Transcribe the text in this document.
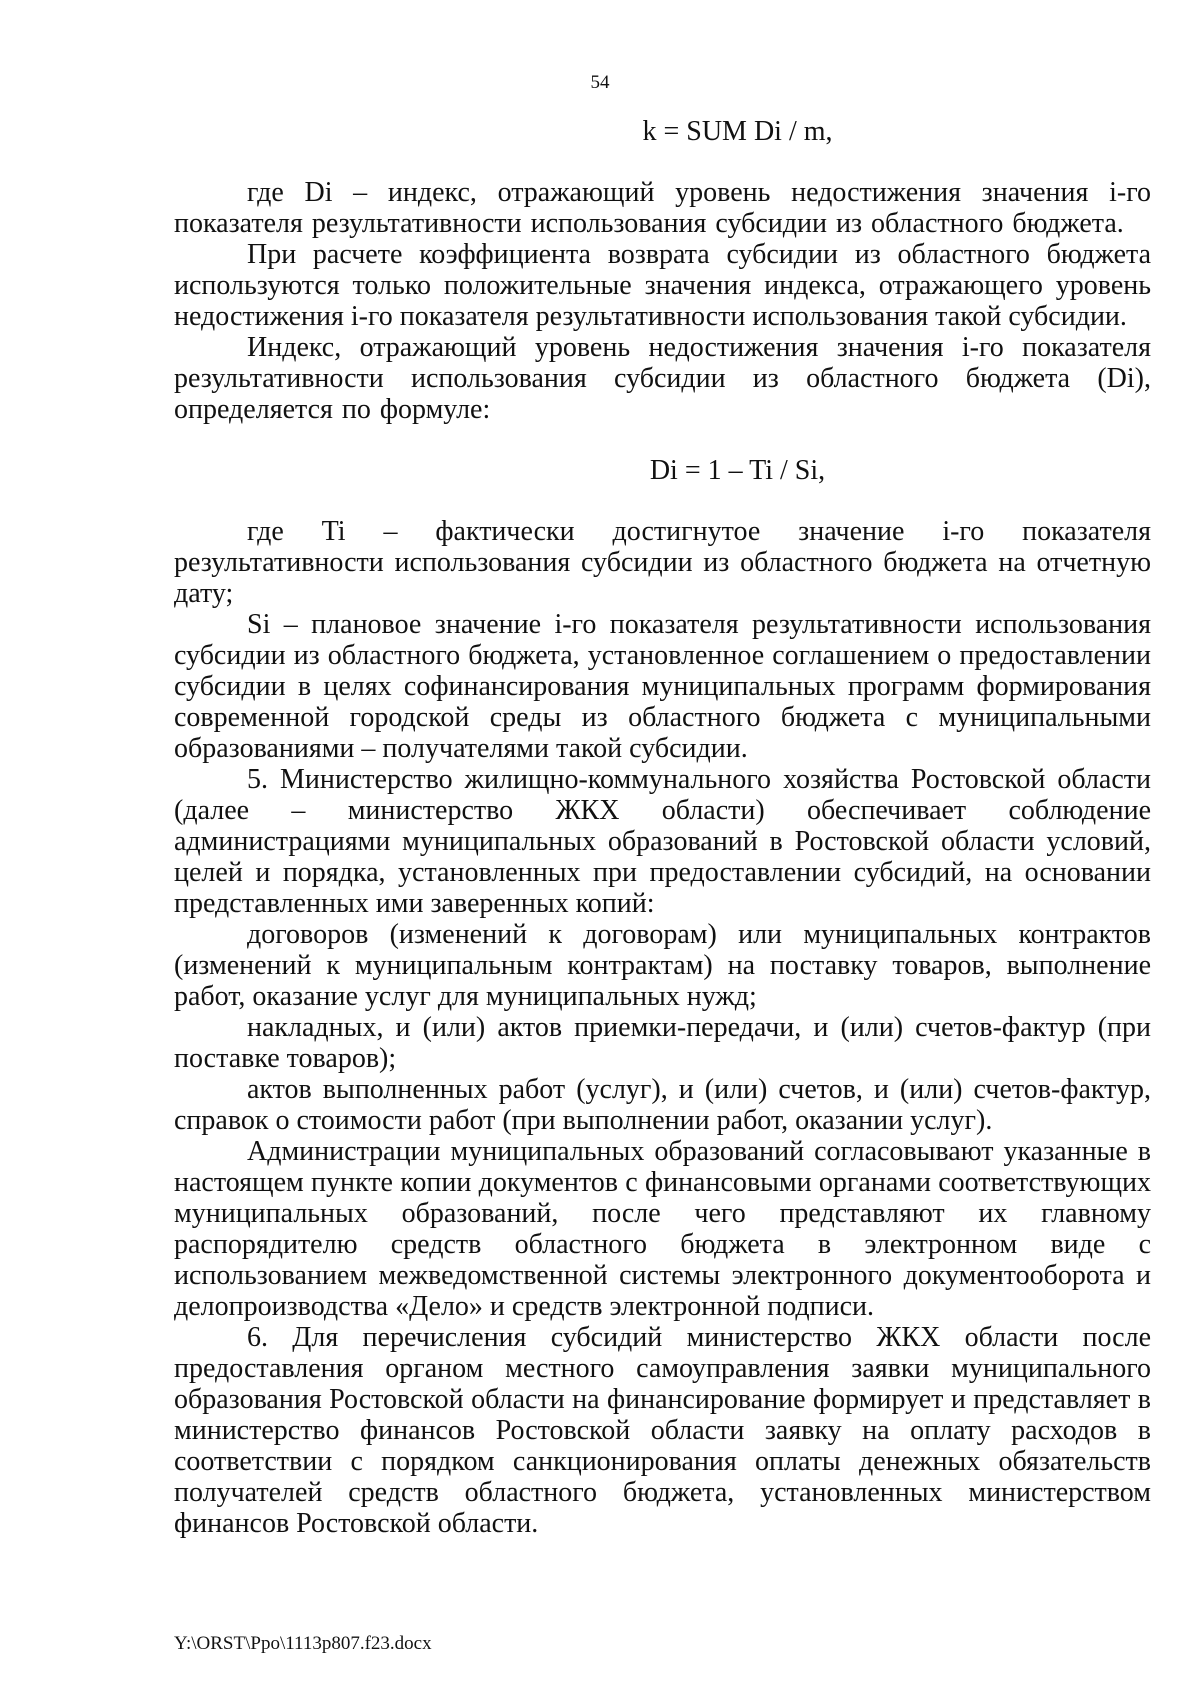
54

k = SUM Di / m,

где Di – индекс, отражающий уровень недостижения значения i-го показателя результативности использования субсидии из областного бюджета.

При расчете коэффициента возврата субсидии из областного бюджета используются только положительные значения индекса, отражающего уровень недостижения i-го показателя результативности использования такой субсидии.

Индекс, отражающий уровень недостижения значения i-го показателя результативности использования субсидии из областного бюджета (Di), определяется по формуле:

Di = 1 – Ti / Si,

где Ti – фактически достигнутое значение i-го показателя результативности использования субсидии из областного бюджета на отчетную дату;

Si – плановое значение i-го показателя результативности использования субсидии из областного бюджета, установленное соглашением о предоставлении субсидии в целях софинансирования муниципальных программ формирования современной городской среды из областного бюджета с муниципальными образованиями – получателями такой субсидии.

5. Министерство жилищно-коммунального хозяйства Ростовской области (далее – министерство ЖКХ области) обеспечивает соблюдение администрациями муниципальных образований в Ростовской области условий, целей и порядка, установленных при предоставлении субсидий, на основании представленных ими заверенных копий:

договоров (изменений к договорам) или муниципальных контрактов (изменений к муниципальным контрактам) на поставку товаров, выполнение работ, оказание услуг для муниципальных нужд;

накладных, и (или) актов приемки-передачи, и (или) счетов-фактур (при поставке товаров);

актов выполненных работ (услуг), и (или) счетов, и (или) счетов-фактур, справок о стоимости работ (при выполнении работ, оказании услуг).

Администрации муниципальных образований согласовывают указанные в настоящем пункте копии документов с финансовыми органами соответствующих муниципальных образований, после чего представляют их главному распорядителю средств областного бюджета в электронном виде с использованием межведомственной системы электронного документооборота и делопроизводства «Дело» и средств электронной подписи.

6. Для перечисления субсидий министерство ЖКХ области после предоставления органом местного самоуправления заявки муниципального образования Ростовской области на финансирование формирует и представляет в министерство финансов Ростовской области заявку на оплату расходов в соответствии с порядком санкционирования оплаты денежных обязательств получателей средств областного бюджета, установленных министерством финансов Ростовской области.

Y:\ORST\Ppo\1113p807.f23.docx
